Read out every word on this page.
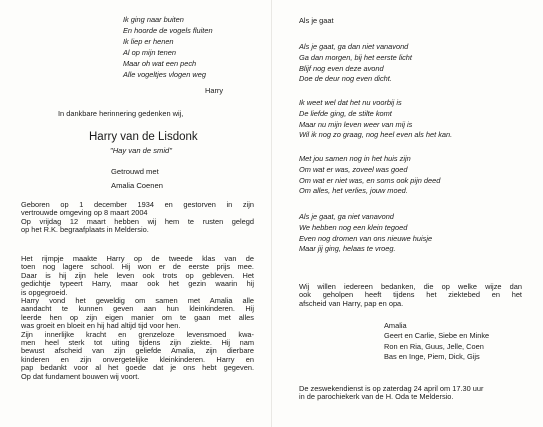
Ik ging naar buiten
En hoorde de vogels fluiten
Ik liep er henen
Al op mijn tenen
Maar oh wat een pech
Alle vogeltjes vlogen weg
Harry
In dankbare herinnering gedenken wij,
Harry van de Lisdonk
"Hay van de smid"
Getrouwd met
Amalia Coenen
Geboren op 1 december 1934 en gestorven in zijn
vertrouwde omgeving op 8 maart 2004
Op vrijdag 12 maart hebben wij hem te rusten gelegd
op het R.K. begraafplaats in Meldersio.
Het rijmpje maakte Harry op de tweede klas van de
toen nog lagere school. Hij won er de eerste prijs mee.
Daar is hij zijn hele leven ook trots op gebleven. Het
gedichtje typeert Harry, maar ook het gezin waarin hij
is opgegroeid.
Harry vond het geweldig om samen met Amalia alle
aandacht te kunnen geven aan hun kleinkinderen. Hij
leerde hen op zijn eigen manier om te gaan met alles
was groeit en bloeit en hij had altijd tijd voor hen.
Zijn innerlijke kracht en grenzeloze levensmoed kwa-
men heel sterk tot uiting tijdens zijn ziekte. Hij nam
bewust afscheid van zijn geliefde Amalia, zijn dierbare
kinderen en zijn onvergetelijke kleinkinderen. Harry en
pap bedankt voor al het goede dat je ons hebt gegeven.
Op dat fundament bouwen wij voort.
Als je gaat
Als je gaat, ga dan niet vanavond
Ga dan morgen, bij het eerste licht
Blijf nog even deze avond
Doe de deur nog even dicht.
Ik weet wel dat het nu voorbij is
De liefde ging, de stilte komt
Maar nu mijn leven weer van mij is
Wil ik nog zo graag, nog heel even als het kan.
Met jou samen nog in het huis zijn
Om wat er was, zoveel was goed
Om wat er niet was, en soms ook pijn deed
Om alles, het verlies, jouw moed.
Als je gaat, ga niet vanavond
We hebben nog een klein tegoed
Even nog dromen van ons nieuwe huisje
Maar jij ging, helaas te vroeg.
Wij willen iedereen bedanken, die op welke wijze dan
ook geholpen heeft tijdens het ziektebed en het
afscheid van Harry, pap en opa.
Amalia
Geert en Carlie, Siebe en Minke
Ron en Ria, Guus, Jelle, Coen
Bas en Inge, Piem, Dick, Gijs
De zeswekendienst is op zaterdag 24 april om 17.30 uur
in de parochiekerk van de H. Oda te Meldersio.
